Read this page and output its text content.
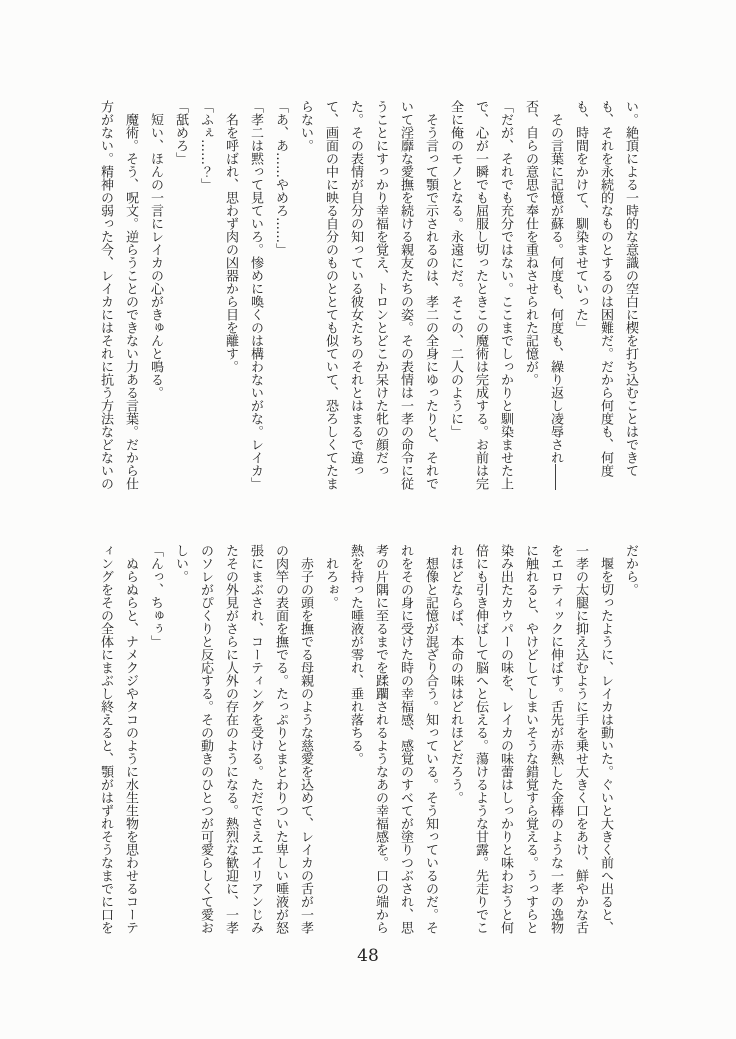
い。絶頂による一時的な意識の空白に楔を打ち込むことはできても、それを永続的なものとするのは困難だ。だから何度も、何度も、時間をかけて、馴染ませていった」

その言葉に記憶が蘇る。何度も、何度も、繰り返し凌辱され――否、自らの意思で奉仕を重ねさせられた記憶が。

「だが、それでも充分ではない。ここまでしっかりと馴染ませた上で、心が一瞬でも屈服し切ったときこの魔術は完成する。お前は完全に俺のモノとなる。永遠にだ。そこの、二人のように」

そう言って顎で示されるのは、孝二の全身にゆったりと、それでいて淫靡な愛撫を続ける親友たちの姿。その表情は一孝の命令に従うことにすっかり幸福を覚え、トロンとどこか呆けた牝の顔だった。その表情が自分の知っている彼女たちのそれとはまるで違って、画面の中に映る自分のものととても似ていて、恐ろしくてたまらない。

「あ、あ……やめろ……」

「孝二は黙って見ていろ。惨めに喚くのは構わないがな。レイカ」

名を呼ばれ、思わず肉の凶器から目を離す。

「ふぇ……？」

「舐めろ」

短い、ほんの一言にレイカの心がきゅんと鳴る。

魔術。そう、呪文。逆らうことのできない力ある言葉。だから仕方がない。精神の弱った今、レイカにはそれに抗う方法などないの

だから。

堰を切ったように、レイカは動いた。ぐいと大きく前へ出ると、一孝の太腿に抑え込むように手を乗せ大きく口をあけ、鮮やかな舌をエロティックに伸ばす。舌先が赤熱した金棒のような一孝の逸物に触れると、やけどしてしまいそうな錯覚すら覚える。うっすらと染み出たカウパーの味を、レイカの味蕾はしっかりと味わおうと何倍にも引き伸ばして脳へと伝える。蕩けるような甘露。先走りでこれほどならば、本命の味はどれほどだろう。

想像と記憶が混ざり合う。知っている。そう知っているのだ。それをその身に受けた時の幸福感、感覚のすべてが塗りつぶされ、思考の片隅に至るまでを蹂躙されるようなあの幸福感を。口の端から熱を持った唾液が零れ、垂れ落ちる。

れろぉ。

赤子の頭を撫でる母親のような慈愛を込めて、レイカの舌が一孝の肉竿の表面を撫でる。たっぷりとまとわりついた卑しい唾液が怒張にまぶされ、コーティングを受ける。ただでさえエイリアンじみたその外見がさらに人外の存在のようになる。熱烈な歓迎に、一孝のソレがぴくりと反応する。その動きのひとつが可愛らしくて愛おしい。

「んっ、ちゅぅ」

ぬらぬらと、ナメクジやタコのように水生生物を思わせるコーティングをその全体にまぶし終えると、顎がはずれそうなまでに口を

48
